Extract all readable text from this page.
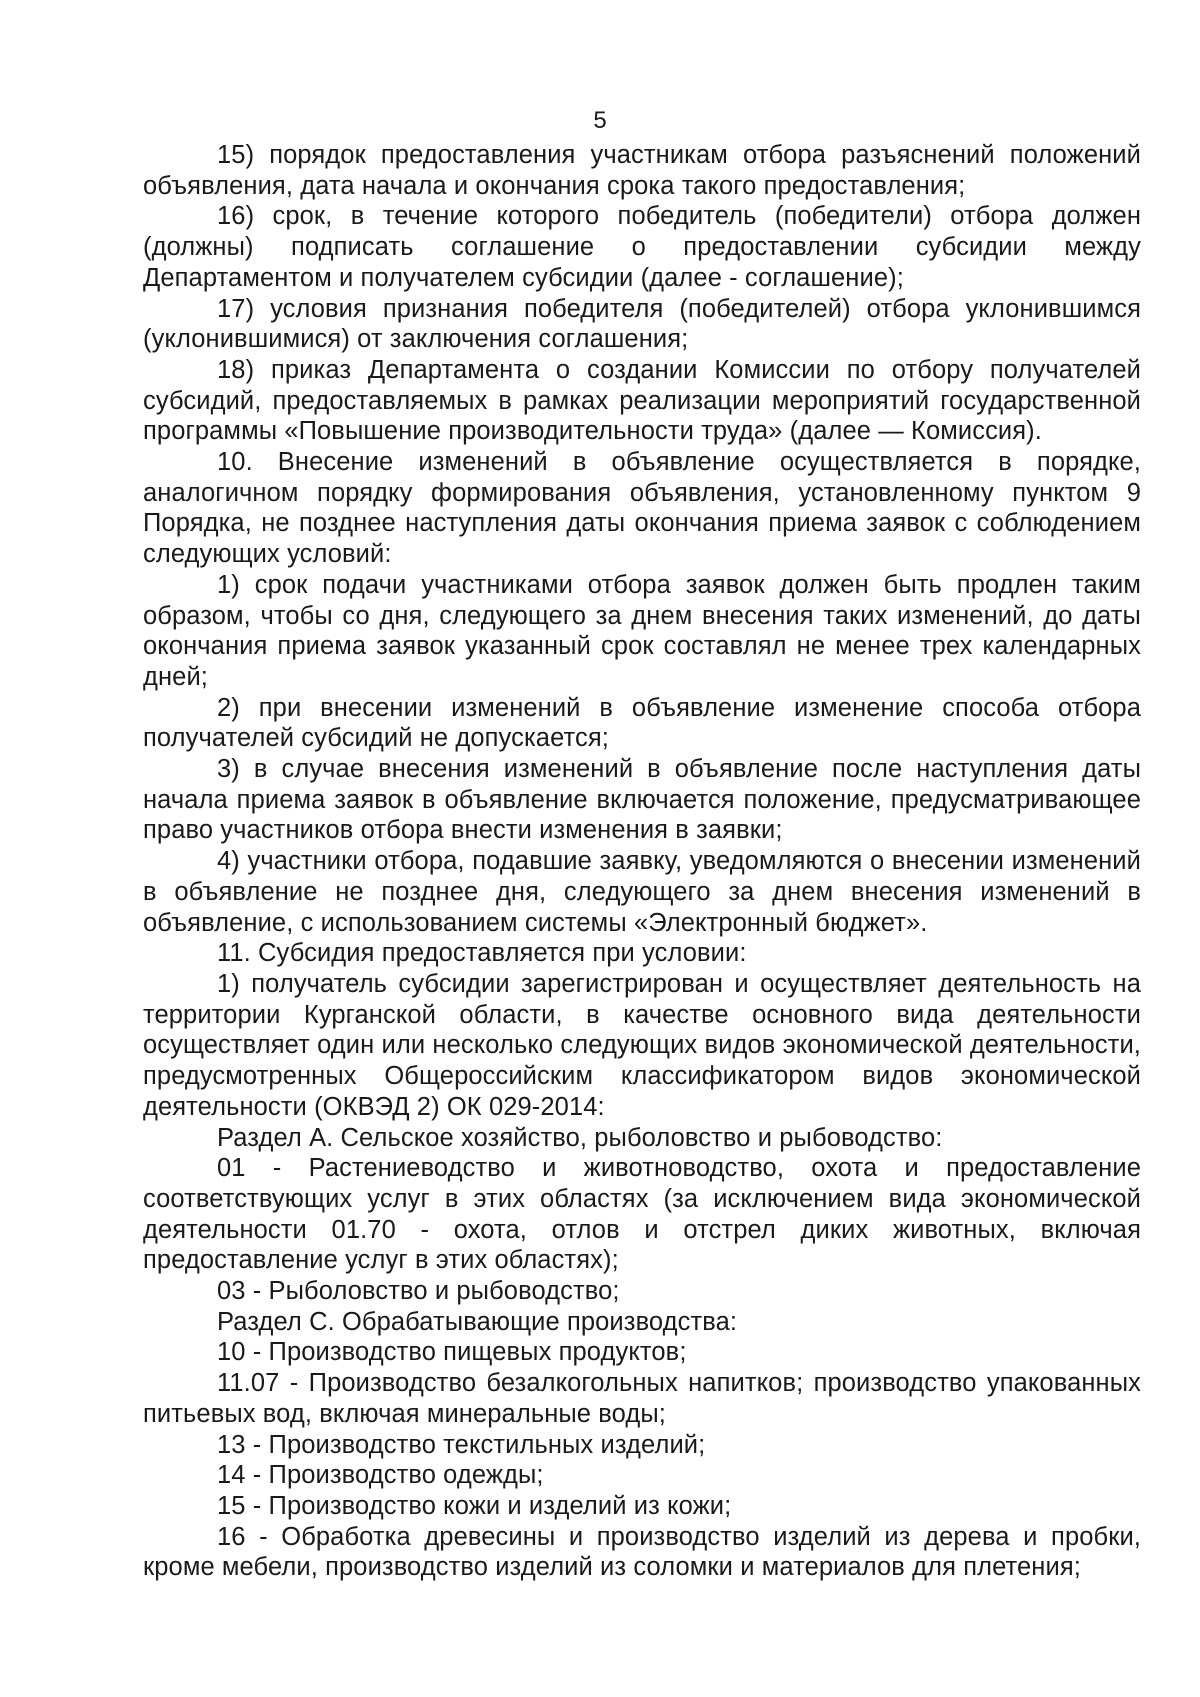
5

15) порядок предоставления участникам отбора разъяснений положений объявления, дата начала и окончания срока такого предоставления;

16) срок, в течение которого победитель (победители) отбора должен (должны) подписать соглашение о предоставлении субсидии между Департаментом и получателем субсидии (далее - соглашение);

17) условия признания победителя (победителей) отбора уклонившимся (уклонившимися) от заключения соглашения;

18) приказ Департамента о создании Комиссии по отбору получателей субсидий, предоставляемых в рамках реализации мероприятий государственной программы «Повышение производительности труда» (далее — Комиссия).

10. Внесение изменений в объявление осуществляется в порядке, аналогичном порядку формирования объявления, установленному пунктом 9 Порядка, не позднее наступления даты окончания приема заявок с соблюдением следующих условий:

1) срок подачи участниками отбора заявок должен быть продлен таким образом, чтобы со дня, следующего за днем внесения таких изменений, до даты окончания приема заявок указанный срок составлял не менее трех календарных дней;

2) при внесении изменений в объявление изменение способа отбора получателей субсидий не допускается;

3) в случае внесения изменений в объявление после наступления даты начала приема заявок в объявление включается положение, предусматривающее право участников отбора внести изменения в заявки;

4) участники отбора, подавшие заявку, уведомляются о внесении изменений в объявление не позднее дня, следующего за днем внесения изменений в объявление, с использованием системы «Электронный бюджет».

11. Субсидия предоставляется при условии:

1) получатель субсидии зарегистрирован и осуществляет деятельность на территории Курганской области, в качестве основного вида деятельности осуществляет один или несколько следующих видов экономической деятельности, предусмотренных Общероссийским классификатором видов экономической деятельности (ОКВЭД 2) ОК 029-2014:

Раздел А. Сельское хозяйство, рыболовство и рыбоводство:

01 - Растениеводство и животноводство, охота и предоставление соответствующих услуг в этих областях (за исключением вида экономической деятельности 01.70 - охота, отлов и отстрел диких животных, включая предоставление услуг в этих областях);

03 - Рыболовство и рыбоводство;

Раздел С. Обрабатывающие производства:

10 - Производство пищевых продуктов;

11.07 - Производство безалкогольных напитков; производство упакованных питьевых вод, включая минеральные воды;

13 - Производство текстильных изделий;

14 - Производство одежды;

15 - Производство кожи и изделий из кожи;

16 - Обработка древесины и производство изделий из дерева и пробки, кроме мебели, производство изделий из соломки и материалов для плетения;
